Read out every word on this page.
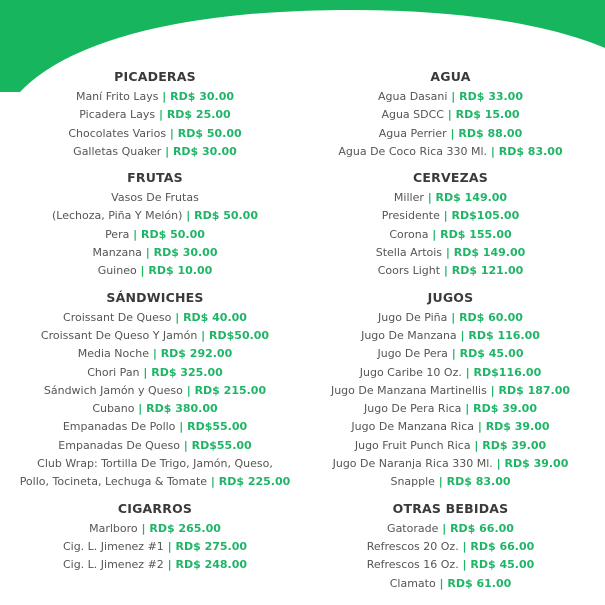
PICADERAS
Maní Frito Lays | RD$ 30.00
Picadera Lays | RD$ 25.00
Chocolates Varios | RD$ 50.00
Galletas Quaker | RD$ 30.00
FRUTAS
Vasos De Frutas
(Lechoza, Piña Y Melón) | RD$ 50.00
Pera | RD$ 50.00
Manzana | RD$ 30.00
Guineo | RD$ 10.00
SÁNDWICHES
Croissant De Queso | RD$ 40.00
Croissant De Queso Y Jamón | RD$50.00
Media Noche | RD$ 292.00
Chori Pan | RD$ 325.00
Sándwich Jamón y Queso | RD$ 215.00
Cubano | RD$ 380.00
Empanadas De Pollo | RD$55.00
Empanadas De Queso | RD$55.00
Club Wrap: Tortilla De Trigo, Jamón, Queso,
Pollo, Tocineta, Lechuga & Tomate | RD$ 225.00
CIGARROS
Marlboro | RD$ 265.00
Cig. L. Jimenez #1 | RD$ 275.00
Cig. L. Jimenez #2 | RD$ 248.00
AGUA
Agua Dasani | RD$ 33.00
Agua SDCC | RD$ 15.00
Agua Perrier | RD$ 88.00
Agua De Coco Rica 330 Ml. | RD$ 83.00
CERVEZAS
Miller | RD$ 149.00
Presidente | RD$105.00
Corona | RD$ 155.00
Stella Artois | RD$ 149.00
Coors Light | RD$ 121.00
JUGOS
Jugo De Piña | RD$ 60.00
Jugo De Manzana | RD$ 116.00
Jugo De Pera | RD$ 45.00
Jugo Caribe 10 Oz. | RD$116.00
Jugo De Manzana Martinellis | RD$ 187.00
Jugo De Pera Rica | RD$ 39.00
Jugo De Manzana Rica | RD$ 39.00
Jugo Fruit Punch Rica | RD$ 39.00
Jugo De Naranja Rica 330 Ml. | RD$ 39.00
Snapple | RD$ 83.00
OTRAS BEBIDAS
Gatorade | RD$ 66.00
Refrescos 20 Oz. | RD$ 66.00
Refrescos 16 Oz. | RD$ 45.00
Clamato | RD$ 61.00
